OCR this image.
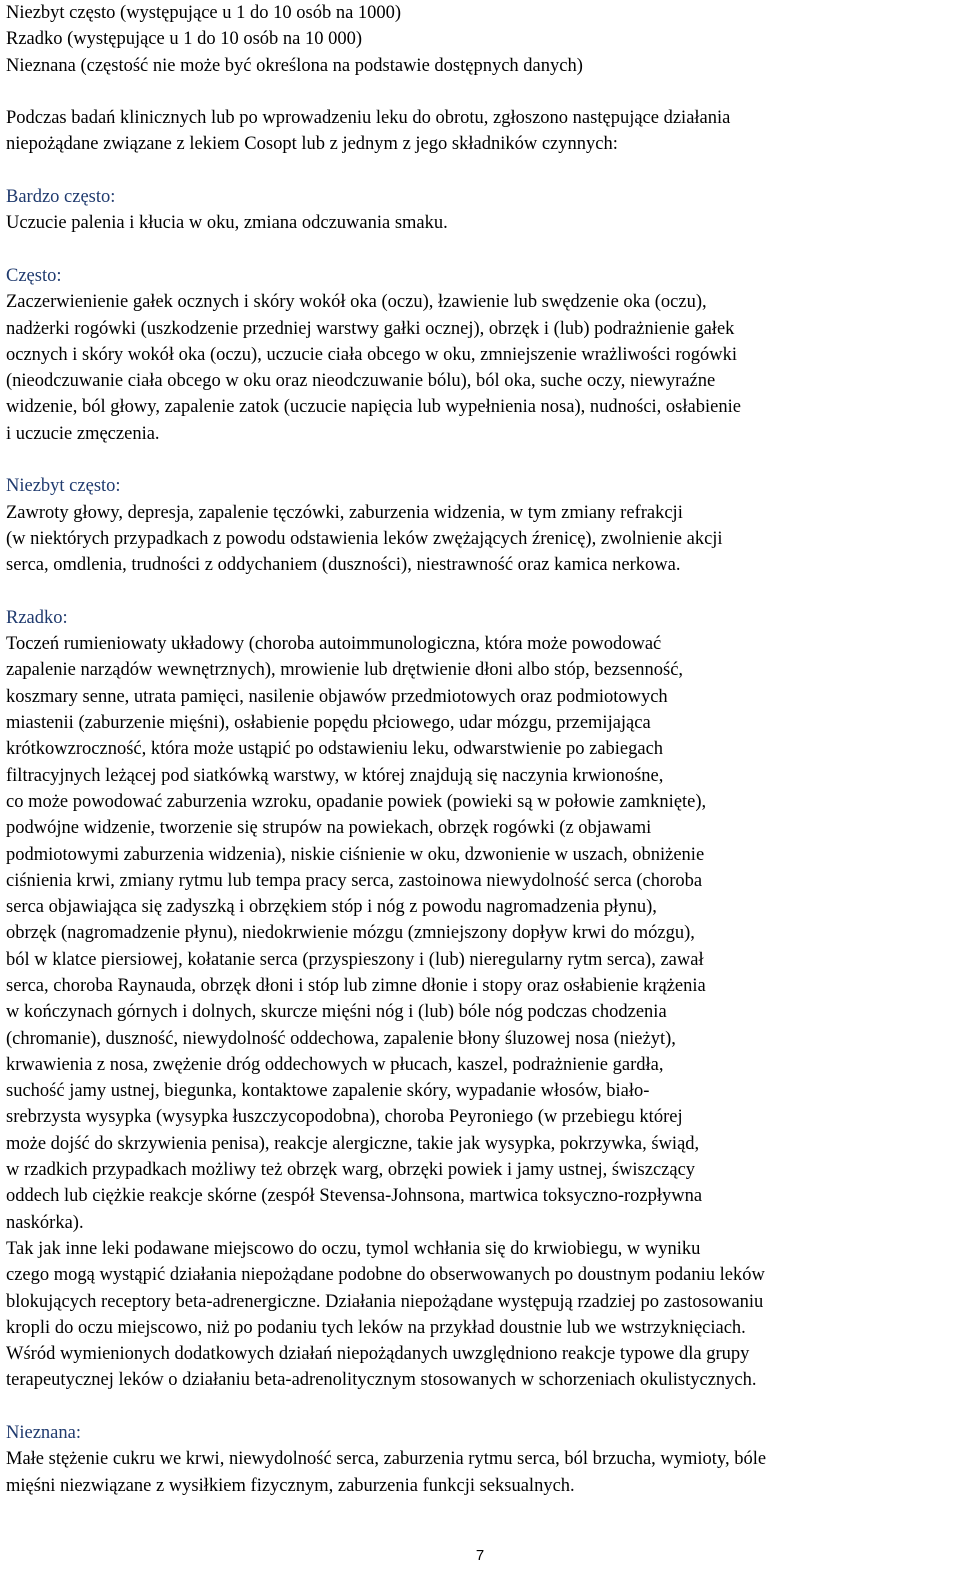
Niezbyt często (występujące u 1 do 10 osób na 1000)
Rzadko (występujące u 1 do 10 osób na 10 000)
Nieznana (częstość nie może być określona na podstawie dostępnych danych)
Podczas badań klinicznych lub po wprowadzeniu leku do obrotu, zgłoszono następujące działania
niepożądane związane z lekiem Cosopt lub z jednym z jego składników czynnych:
Bardzo często:
Uczucie palenia i kłucia w oku, zmiana odczuwania smaku.
Często:
Zaczerwienienie gałek ocznych i skóry wokół oka (oczu), łzawienie lub swędzenie oka (oczu),
nadżerki rogówki (uszkodzenie przedniej warstwy gałki ocznej), obrzęk i (lub) podrażnienie gałek
ocznych i skóry wokół oka (oczu), uczucie ciała obcego w oku, zmniejszenie wrażliwości rogówki
(nieodczuwanie ciała obcego w oku oraz nieodczuwanie bólu), ból oka, suche oczy, niewyraźne
widzenie, ból głowy, zapalenie zatok (uczucie napięcia lub wypełnienia nosa), nudności, osłabienie
i uczucie zmęczenia.
Niezbyt często:
Zawroty głowy, depresja, zapalenie tęczówki, zaburzenia widzenia, w tym zmiany refrakcji
(w niektórych przypadkach z powodu odstawienia leków zwężających źrenicę), zwolnienie akcji
serca, omdlenia, trudności z oddychaniem (duszności), niestrawność oraz kamica nerkowa.
Rzadko:
Toczeń rumieniowaty układowy (choroba autoimmunologiczna, która może powodować
zapalenie narządów wewnętrznych), mrowienie lub drętwienie dłoni albo stóp, bezsenność,
koszmary senne, utrata pamięci, nasilenie objawów przedmiotowych oraz podmiotowych
miastenii (zaburzenie mięśni), osłabienie popędu płciowego, udar mózgu, przemijająca
krótkowzroczność, która może ustąpić po odstawieniu leku, odwarstwienie po zabiegach
filtracyjnych leżącej pod siatkówką warstwy, w której znajdują się naczynia krwionośne,
co może powodować zaburzenia wzroku, opadanie powiek (powieki są w połowie zamknięte),
podwójne widzenie, tworzenie się strupów na powiekach, obrzęk rogówki (z objawami
podmiotowymi zaburzenia widzenia), niskie ciśnienie w oku, dzwonienie w uszach, obniżenie
ciśnienia krwi, zmiany rytmu lub tempa pracy serca, zastoinowa niewydolność serca (choroba
serca objawiająca się zadyszką i obrzękiem stóp i nóg z powodu nagromadzenia płynu),
obrzęk (nagromadzenie płynu), niedokrwienie mózgu (zmniejszony dopływ krwi do mózgu),
ból w klatce piersiowej, kołatanie serca (przyspieszony i (lub) nieregularny rytm serca), zawał
serca, choroba Raynauda, obrzęk dłoni i stóp lub zimne dłonie i stopy oraz osłabienie krążenia
w kończynach górnych i dolnych, skurcze mięśni nóg i (lub) bóle nóg podczas chodzenia
(chromanie), duszność, niewydolność oddechowa, zapalenie błony śluzowej nosa (nieżyt),
krwawienia z nosa, zwężenie dróg oddechowych w płucach, kaszel, podrażnienie gardła,
suchość jamy ustnej, biegunka, kontaktowe zapalenie skóry, wypadanie włosów, biało-
srebrzysta wysypka (wysypka łuszczycopodobna), choroba Peyroniego (w przebiegu której
może dojść do skrzywienia penisa), reakcje alergiczne, takie jak wysypka, pokrzywka, świąd,
w rzadkich przypadkach możliwy też obrzęk warg, obrzęki powiek i jamy ustnej, świszczący
oddech lub ciężkie reakcje skórne (zespół Stevensa-Johnsona, martwica toksyczno-rozpływna
naskórka).
Tak jak inne leki podawane miejscowo do oczu, tymol wchłania się do krwiobiegu, w wyniku
czego mogą wystąpić działania niepożądane podobne do obserwowanych po doustnym podaniu leków
blokujących receptory beta-adrenergiczne. Działania niepożądane występują rzadziej po zastosowaniu
kropli do oczu miejscowo, niż po podaniu tych leków na przykład doustnie lub we wstrzyknięciach.
Wśród wymienionych dodatkowych działań niepożądanych uwzględniono reakcje typowe dla grupy
terapeutycznej leków o działaniu beta-adrenolitycznym stosowanych w schorzeniach okulistycznych.
Nieznana:
Małe stężenie cukru we krwi, niewydolność serca, zaburzenia rytmu serca, ból brzucha, wymioty, bóle
mięśni niezwiązane z wysiłkiem fizycznym, zaburzenia funkcji seksualnych.
7
